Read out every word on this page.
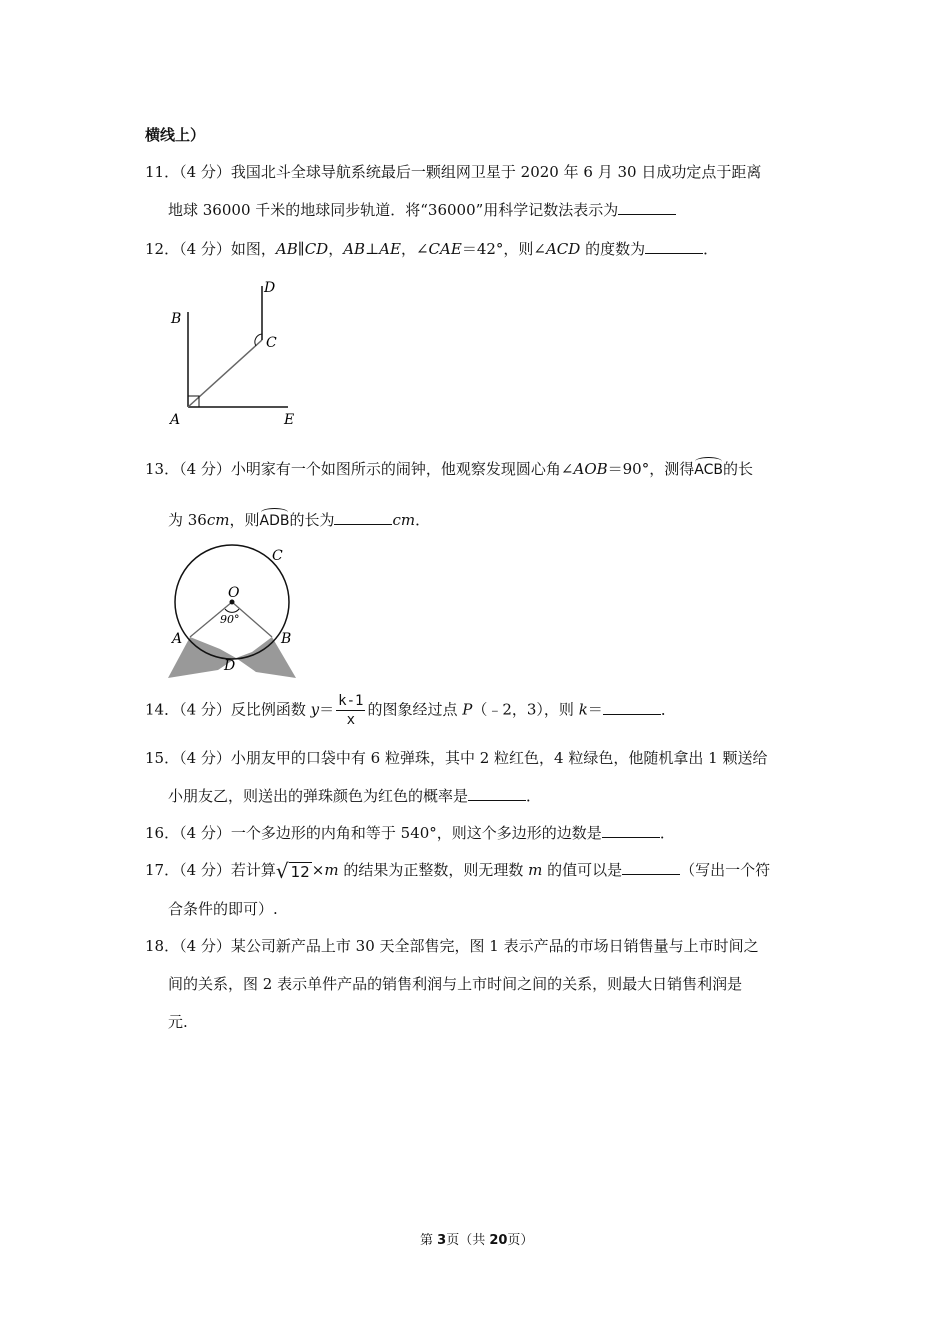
横线上）
11．（4 分）我国北斗全球导航系统最后一颗组网卫星于 2020 年 6 月 30 日成功定点于距离
地球 36000 千米的地球同步轨道．将“36000”用科学记数法表示为
12．（4 分）如图，AB∥CD，AB⊥AE，∠CAE＝42°，则∠ACD 的度数为	．
D
B
C
A	E
13．（4 分）小明家有一个如图所示的闹钟，他观察发现圆心角∠AOB＝90°，测得ACB的长
为 36cm，则ADB的长为	cm．
C
O
90°
A	B
D
14．（4 分）反比例函数 $y= \frac{k-1}{x}$ 的图象经过点 P（﹣2，3），则 k＝	．
15．（4 分）小朋友甲的口袋中有 6 粒弹珠，其中 2 粒红色，4 粒绿色，他随机拿出 1 颗送给
小朋友乙，则送出的弹珠颜色为红色的概率是	．
16．（4 分）一个多边形的内角和等于 540°，则这个多边形的边数是	．
17．（4 分）若计算 √ 12 ×m 的结果为正整数，则无理数 m 的值可以是	（写出一个符
合条件的即可）.
18．（4 分）某公司新产品上市 30 天全部售完，图 1 表示产品的市场日销售量与上市时间之
间的关系，图 2 表示单件产品的销售利润与上市时间之间的关系，则最大日销售利润是
元.
第 3页（共 20页）
